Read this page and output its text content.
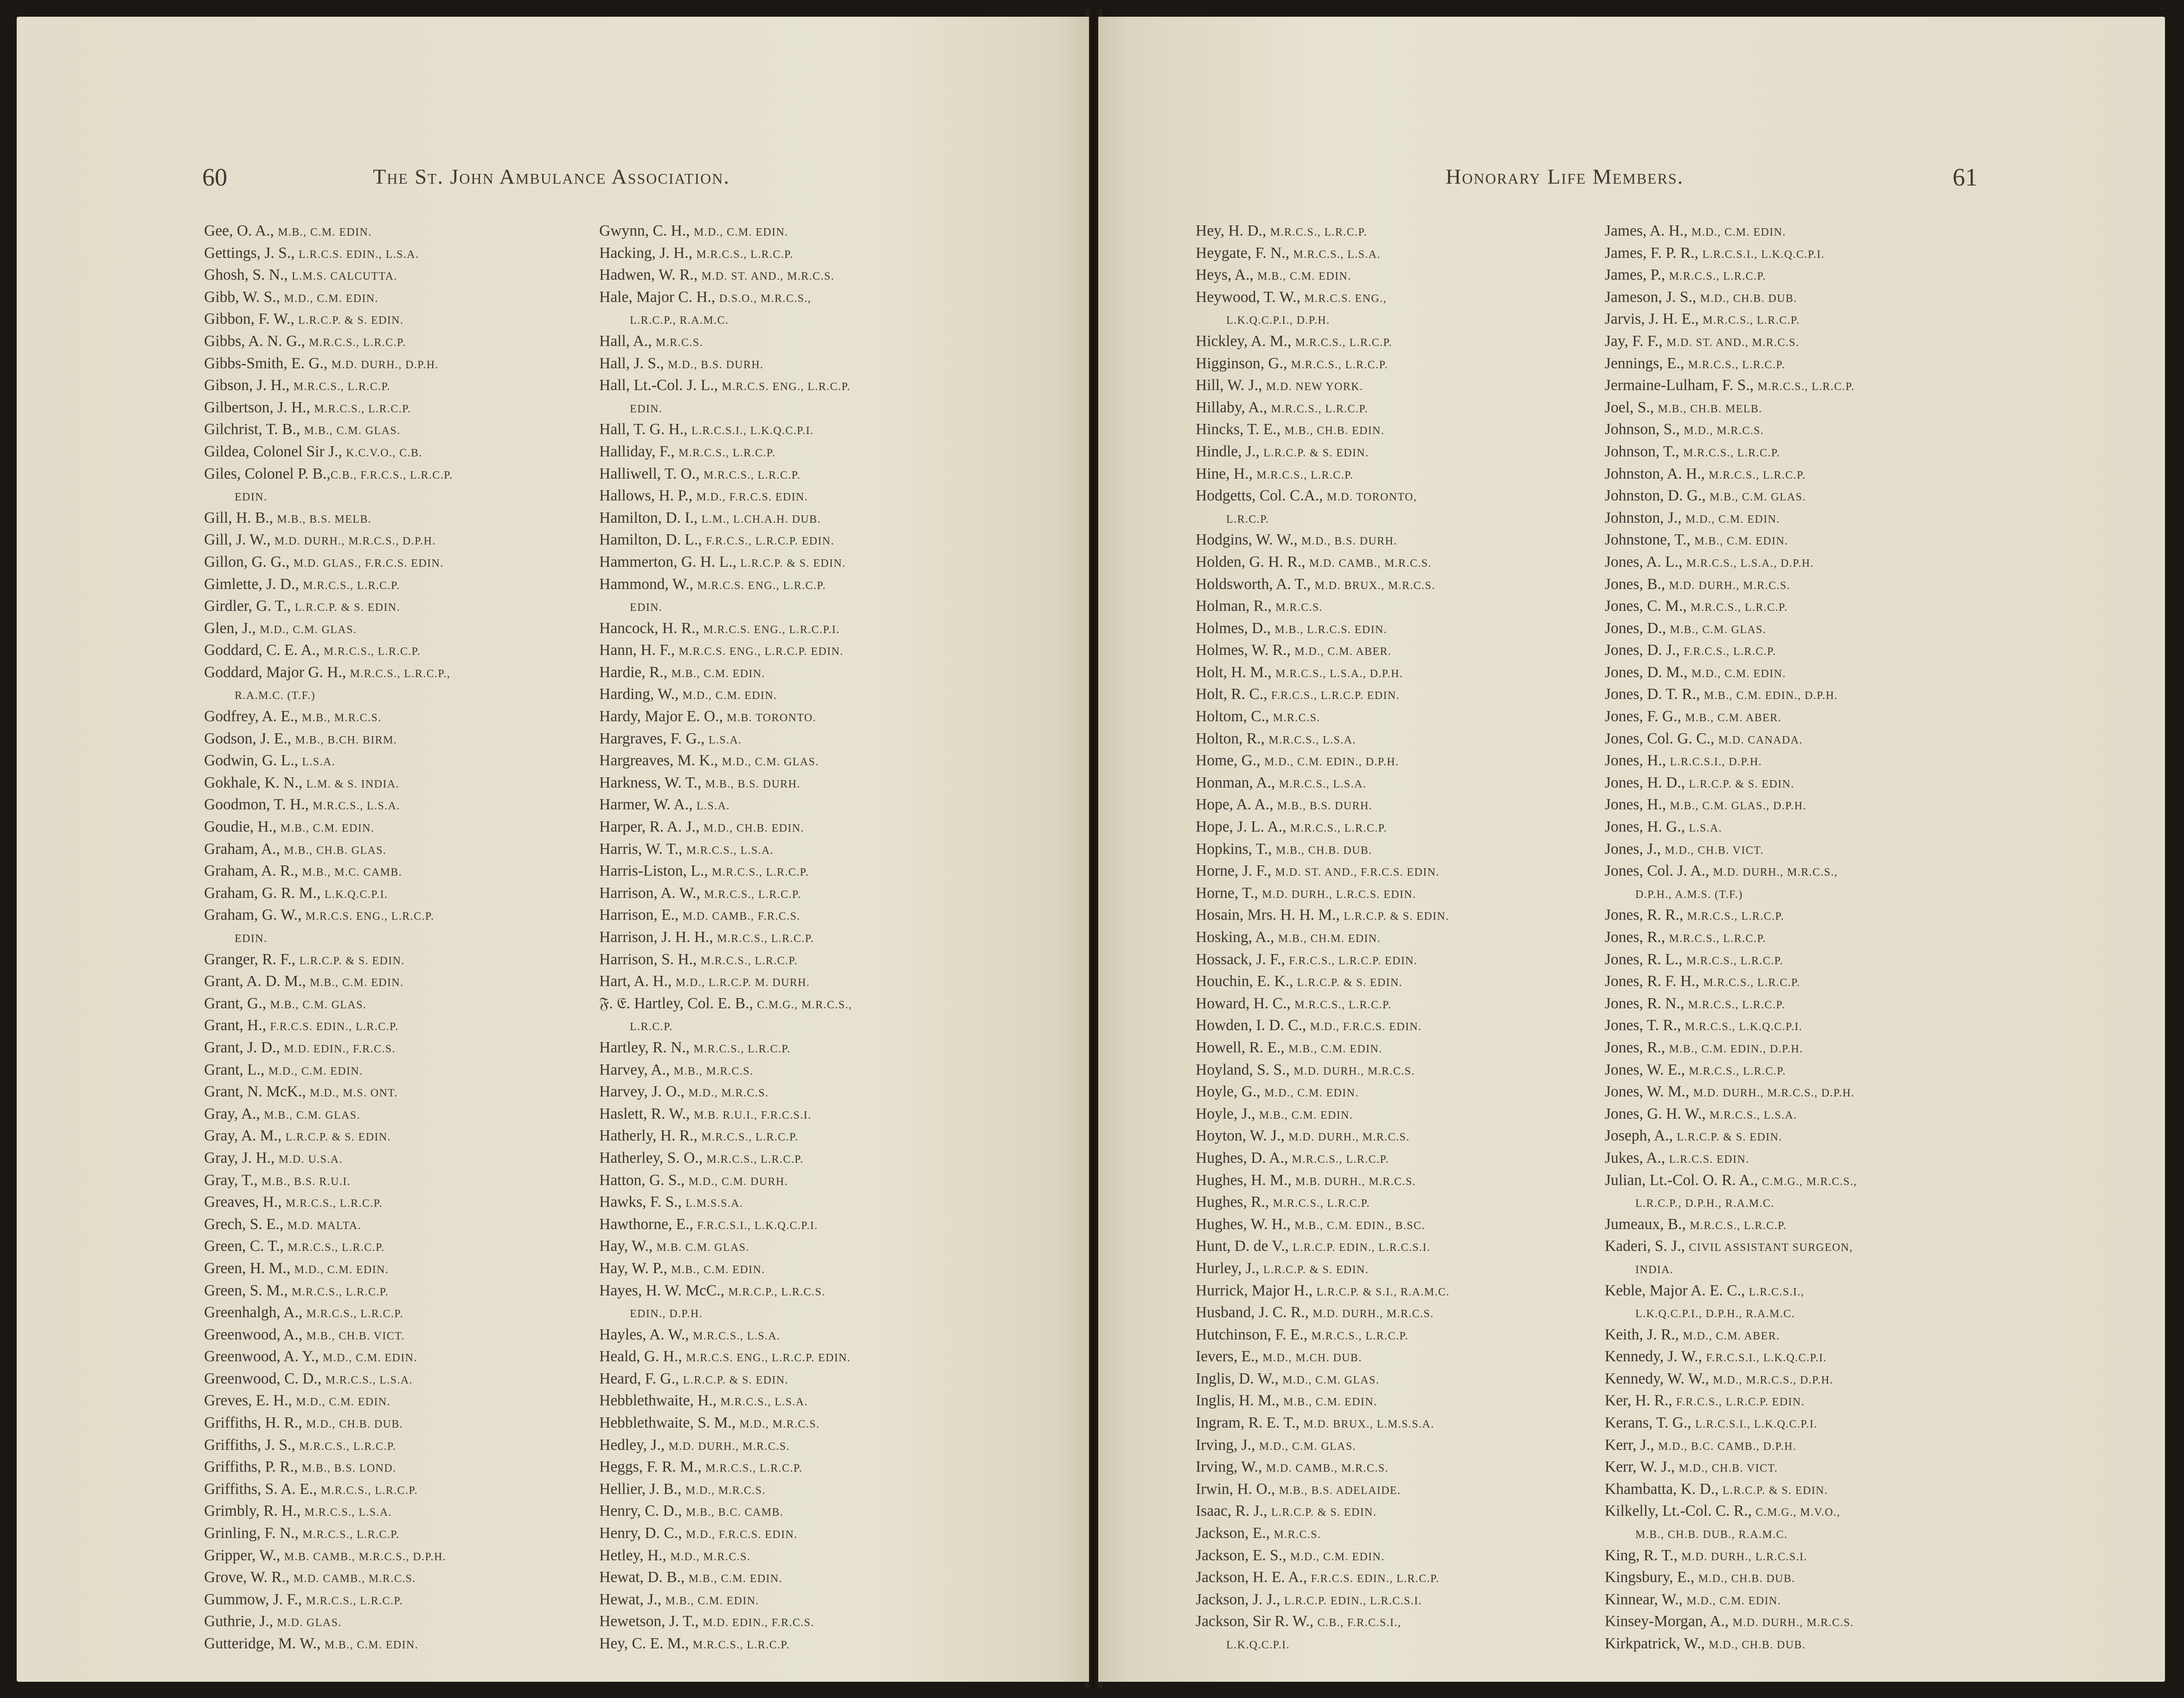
60	The St. John Ambulance Association.
Gee, O. A., M.B., C.M. EDIN.
Gettings, J. S., L.R.C.S. EDIN., L.S.A.
Ghosh, S. N., L.M.S. CALCUTTA.
Gibb, W. S., M.D., C.M. EDIN.
Gibbon, F. W., L.R.C.P. & S. EDIN.
Gibbs, A. N. G., M.R.C.S., L.R.C.P.
Gibbs-Smith, E. G., M.D. DURH., D.P.H.
Gibson, J. H., M.R.C.S., L.R.C.P.
Gilbertson, J. H., M.R.C.S., L.R.C.P.
Gilchrist, T. B., M.B., C.M. GLAS.
Gildea, Colonel Sir J., K.C.V.O., C.B.
Giles, Colonel P. B.,C.B., F.R.C.S., L.R.C.P.
EDIN.
Gill, H. B., M.B., B.S. MELB.
Gill, J. W., M.D. DURH., M.R.C.S., D.P.H.
Gillon, G. G., M.D. GLAS., F.R.C.S. EDIN.
Gimlette, J. D., M.R.C.S., L.R.C.P.
Girdler, G. T., L.R.C.P. & S. EDIN.
Glen, J., M.D., C.M. GLAS.
Goddard, C. E. A., M.R.C.S., L.R.C.P.
Goddard, Major G. H., M.R.C.S., L.R.C.P.,
R.A.M.C. (T.F.)
Godfrey, A. E., M.B., M.R.C.S.
Godson, J. E., M.B., B.CH. BIRM.
Godwin, G. L., L.S.A.
Gokhale, K. N., L.M. & S. INDIA.
Goodmon, T. H., M.R.C.S., L.S.A.
Goudie, H., M.B., C.M. EDIN.
Graham, A., M.B., CH.B. GLAS.
Graham, A. R., M.B., M.C. CAMB.
Graham, G. R. M., L.K.Q.C.P.I.
Graham, G. W., M.R.C.S. ENG., L.R.C.P.
EDIN.
Granger, R. F., L.R.C.P. & S. EDIN.
Grant, A. D. M., M.B., C.M. EDIN.
Grant, G., M.B., C.M. GLAS.
Grant, H., F.R.C.S. EDIN., L.R.C.P.
Grant, J. D., M.D. EDIN., F.R.C.S.
Grant, L., M.D., C.M. EDIN.
Grant, N. McK., M.D., M.S. ONT.
Gray, A., M.B., C.M. GLAS.
Gray, A. M., L.R.C.P. & S. EDIN.
Gray, J. H., M.D. U.S.A.
Gray, T., M.B., B.S. R.U.I.
Greaves, H., M.R.C.S., L.R.C.P.
Grech, S. E., M.D. MALTA.
Green, C. T., M.R.C.S., L.R.C.P.
Green, H. M., M.D., C.M. EDIN.
Green, S. M., M.R.C.S., L.R.C.P.
Greenhalgh, A., M.R.C.S., L.R.C.P.
Greenwood, A., M.B., CH.B. VICT.
Greenwood, A. Y., M.D., C.M. EDIN.
Greenwood, C. D., M.R.C.S., L.S.A.
Greves, E. H., M.D., C.M. EDIN.
Griffiths, H. R., M.D., CH.B. DUB.
Griffiths, J. S., M.R.C.S., L.R.C.P.
Griffiths, P. R., M.B., B.S. LOND.
Griffiths, S. A. E., M.R.C.S., L.R.C.P.
Grimbly, R. H., M.R.C.S., L.S.A.
Grinling, F. N., M.R.C.S., L.R.C.P.
Gripper, W., M.B. CAMB., M.R.C.S., D.P.H.
Grove, W. R., M.D. CAMB., M.R.C.S.
Gummow, J. F., M.R.C.S., L.R.C.P.
Guthrie, J., M.D. GLAS.
Gutteridge, M. W., M.B., C.M. EDIN.
Gwynn, C. H., M.D., C.M. EDIN.
Hacking, J. H., M.R.C.S., L.R.C.P.
Hadwen, W. R., M.D. ST. AND., M.R.C.S.
Hale, Major C. H., D.S.O., M.R.C.S.,
L.R.C.P., R.A.M.C.
Hall, A., M.R.C.S.
Hall, J. S., M.D., B.S. DURH.
Hall, Lt.-Col. J. L., M.R.C.S. ENG., L.R.C.P.
EDIN.
Hall, T. G. H., L.R.C.S.I., L.K.Q.C.P.I.
Halliday, F., M.R.C.S., L.R.C.P.
Halliwell, T. O., M.R.C.S., L.R.C.P.
Hallows, H. P., M.D., F.R.C.S. EDIN.
Hamilton, D. I., L.M., L.CH.A.H. DUB.
Hamilton, D. L., F.R.C.S., L.R.C.P. EDIN.
Hammerton, G. H. L., L.R.C.P. & S. EDIN.
Hammond, W., M.R.C.S. ENG., L.R.C.P.
EDIN.
Hancock, H. R., M.R.C.S. ENG., L.R.C.P.I.
Hann, H. F., M.R.C.S. ENG., L.R.C.P. EDIN.
Hardie, R., M.B., C.M. EDIN.
Harding, W., M.D., C.M. EDIN.
Hardy, Major E. O., M.B. TORONTO.
Hargraves, F. G., L.S.A.
Hargreaves, M. K., M.D., C.M. GLAS.
Harkness, W. T., M.B., B.S. DURH.
Harmer, W. A., L.S.A.
Harper, R. A. J., M.D., CH.B. EDIN.
Harris, W. T., M.R.C.S., L.S.A.
Harris-Liston, L., M.R.C.S., L.R.C.P.
Harrison, A. W., M.R.C.S., L.R.C.P.
Harrison, E., M.D. CAMB., F.R.C.S.
Harrison, J. H. H., M.R.C.S., L.R.C.P.
Harrison, S. H., M.R.C.S., L.R.C.P.
Hart, A. H., M.D., L.R.C.P. M. DURH.
𝔉. 𝔈. Hartley, Col. E. B., C.M.G., M.R.C.S.,
L.R.C.P.
Hartley, R. N., M.R.C.S., L.R.C.P.
Harvey, A., M.B., M.R.C.S.
Harvey, J. O., M.D., M.R.C.S.
Haslett, R. W., M.B. R.U.I., F.R.C.S.I.
Hatherly, H. R., M.R.C.S., L.R.C.P.
Hatherley, S. O., M.R.C.S., L.R.C.P.
Hatton, G. S., M.D., C.M. DURH.
Hawks, F. S., L.M.S.S.A.
Hawthorne, E., F.R.C.S.I., L.K.Q.C.P.I.
Hay, W., M.B. C.M. GLAS.
Hay, W. P., M.B., C.M. EDIN.
Hayes, H. W. McC., M.R.C.P., L.R.C.S.
EDIN., D.P.H.
Hayles, A. W., M.R.C.S., L.S.A.
Heald, G. H., M.R.C.S. ENG., L.R.C.P. EDIN.
Heard, F. G., L.R.C.P. & S. EDIN.
Hebblethwaite, H., M.R.C.S., L.S.A.
Hebblethwaite, S. M., M.D., M.R.C.S.
Hedley, J., M.D. DURH., M.R.C.S.
Heggs, F. R. M., M.R.C.S., L.R.C.P.
Hellier, J. B., M.D., M.R.C.S.
Henry, C. D., M.B., B.C. CAMB.
Henry, D. C., M.D., F.R.C.S. EDIN.
Hetley, H., M.D., M.R.C.S.
Hewat, D. B., M.B., C.M. EDIN.
Hewat, J., M.B., C.M. EDIN.
Hewetson, J. T., M.D. EDIN., F.R.C.S.
Hey, C. E. M., M.R.C.S., L.R.C.P.
Honorary Life Members.	61
Hey, H. D., M.R.C.S., L.R.C.P.
Heygate, F. N., M.R.C.S., L.S.A.
Heys, A., M.B., C.M. EDIN.
Heywood, T. W., M.R.C.S. ENG.,
L.K.Q.C.P.I., D.P.H.
Hickley, A. M., M.R.C.S., L.R.C.P.
Higginson, G., M.R.C.S., L.R.C.P.
Hill, W. J., M.D. NEW YORK.
Hillaby, A., M.R.C.S., L.R.C.P.
Hincks, T. E., M.B., CH.B. EDIN.
Hindle, J., L.R.C.P. & S. EDIN.
Hine, H., M.R.C.S., L.R.C.P.
Hodgetts, Col. C.A., M.D. TORONTO,
L.R.C.P.
Hodgins, W. W., M.D., B.S. DURH.
Holden, G. H. R., M.D. CAMB., M.R.C.S.
Holdsworth, A. T., M.D. BRUX., M.R.C.S.
Holman, R., M.R.C.S.
Holmes, D., M.B., L.R.C.S. EDIN.
Holmes, W. R., M.D., C.M. ABER.
Holt, H. M., M.R.C.S., L.S.A., D.P.H.
Holt, R. C., F.R.C.S., L.R.C.P. EDIN.
Holtom, C., M.R.C.S.
Holton, R., M.R.C.S., L.S.A.
Home, G., M.D., C.M. EDIN., D.P.H.
Honman, A., M.R.C.S., L.S.A.
Hope, A. A., M.B., B.S. DURH.
Hope, J. L. A., M.R.C.S., L.R.C.P.
Hopkins, T., M.B., CH.B. DUB.
Horne, J. F., M.D. ST. AND., F.R.C.S. EDIN.
Horne, T., M.D. DURH., L.R.C.S. EDIN.
Hosain, Mrs. H. H. M., L.R.C.P. & S. EDIN.
Hosking, A., M.B., CH.M. EDIN.
Hossack, J. F., F.R.C.S., L.R.C.P. EDIN.
Houchin, E. K., L.R.C.P. & S. EDIN.
Howard, H. C., M.R.C.S., L.R.C.P.
Howden, I. D. C., M.D., F.R.C.S. EDIN.
Howell, R. E., M.B., C.M. EDIN.
Hoyland, S. S., M.D. DURH., M.R.C.S.
Hoyle, G., M.D., C.M. EDIN.
Hoyle, J., M.B., C.M. EDIN.
Hoyton, W. J., M.D. DURH., M.R.C.S.
Hughes, D. A., M.R.C.S., L.R.C.P.
Hughes, H. M., M.B. DURH., M.R.C.S.
Hughes, R., M.R.C.S., L.R.C.P.
Hughes, W. H., M.B., C.M. EDIN., B.SC.
Hunt, D. de V., L.R.C.P. EDIN., L.R.C.S.I.
Hurley, J., L.R.C.P. & S. EDIN.
Hurrick, Major H., L.R.C.P. & S.I., R.A.M.C.
Husband, J. C. R., M.D. DURH., M.R.C.S.
Hutchinson, F. E., M.R.C.S., L.R.C.P.
Ievers, E., M.D., M.CH. DUB.
Inglis, D. W., M.D., C.M. GLAS.
Inglis, H. M., M.B., C.M. EDIN.
Ingram, R. E. T., M.D. BRUX., L.M.S.S.A.
Irving, J., M.D., C.M. GLAS.
Irving, W., M.D. CAMB., M.R.C.S.
Irwin, H. O., M.B., B.S. ADELAIDE.
Isaac, R. J., L.R.C.P. & S. EDIN.
Jackson, E., M.R.C.S.
Jackson, E. S., M.D., C.M. EDIN.
Jackson, H. E. A., F.R.C.S. EDIN., L.R.C.P.
Jackson, J. J., L.R.C.P. EDIN., L.R.C.S.I.
Jackson, Sir R. W., C.B., F.R.C.S.I.,
L.K.Q.C.P.I.
James, A. H., M.D., C.M. EDIN.
James, F. P. R., L.R.C.S.I., L.K.Q.C.P.I.
James, P., M.R.C.S., L.R.C.P.
Jameson, J. S., M.D., CH.B. DUB.
Jarvis, J. H. E., M.R.C.S., L.R.C.P.
Jay, F. F., M.D. ST. AND., M.R.C.S.
Jennings, E., M.R.C.S., L.R.C.P.
Jermaine-Lulham, F. S., M.R.C.S., L.R.C.P.
Joel, S., M.B., CH.B. MELB.
Johnson, S., M.D., M.R.C.S.
Johnson, T., M.R.C.S., L.R.C.P.
Johnston, A. H., M.R.C.S., L.R.C.P.
Johnston, D. G., M.B., C.M. GLAS.
Johnston, J., M.D., C.M. EDIN.
Johnstone, T., M.B., C.M. EDIN.
Jones, A. L., M.R.C.S., L.S.A., D.P.H.
Jones, B., M.D. DURH., M.R.C.S.
Jones, C. M., M.R.C.S., L.R.C.P.
Jones, D., M.B., C.M. GLAS.
Jones, D. J., F.R.C.S., L.R.C.P.
Jones, D. M., M.D., C.M. EDIN.
Jones, D. T. R., M.B., C.M. EDIN., D.P.H.
Jones, F. G., M.B., C.M. ABER.
Jones, Col. G. C., M.D. CANADA.
Jones, H., L.R.C.S.I., D.P.H.
Jones, H. D., L.R.C.P. & S. EDIN.
Jones, H., M.B., C.M. GLAS., D.P.H.
Jones, H. G., L.S.A.
Jones, J., M.D., CH.B. VICT.
Jones, Col. J. A., M.D. DURH., M.R.C.S.,
D.P.H., A.M.S. (T.F.)
Jones, R. R., M.R.C.S., L.R.C.P.
Jones, R., M.R.C.S., L.R.C.P.
Jones, R. L., M.R.C.S., L.R.C.P.
Jones, R. F. H., M.R.C.S., L.R.C.P.
Jones, R. N., M.R.C.S., L.R.C.P.
Jones, T. R., M.R.C.S., L.K.Q.C.P.I.
Jones, R., M.B., C.M. EDIN., D.P.H.
Jones, W. E., M.R.C.S., L.R.C.P.
Jones, W. M., M.D. DURH., M.R.C.S., D.P.H.
Jones, G. H. W., M.R.C.S., L.S.A.
Joseph, A., L.R.C.P. & S. EDIN.
Jukes, A., L.R.C.S. EDIN.
Julian, Lt.-Col. O. R. A., C.M.G., M.R.C.S.,
L.R.C.P., D.P.H., R.A.M.C.
Jumeaux, B., M.R.C.S., L.R.C.P.
Kaderi, S. J., CIVIL ASSISTANT SURGEON,
INDIA.
Keble, Major A. E. C., L.R.C.S.I.,
L.K.Q.C.P.I., D.P.H., R.A.M.C.
Keith, J. R., M.D., C.M. ABER.
Kennedy, J. W., F.R.C.S.I., L.K.Q.C.P.I.
Kennedy, W. W., M.D., M.R.C.S., D.P.H.
Ker, H. R., F.R.C.S., L.R.C.P. EDIN.
Kerans, T. G., L.R.C.S.I., L.K.Q.C.P.I.
Kerr, J., M.D., B.C. CAMB., D.P.H.
Kerr, W. J., M.D., CH.B. VICT.
Khambatta, K. D., L.R.C.P. & S. EDIN.
Kilkelly, Lt.-Col. C. R., C.M.G., M.V.O.,
M.B., CH.B. DUB., R.A.M.C.
King, R. T., M.D. DURH., L.R.C.S.I.
Kingsbury, E., M.D., CH.B. DUB.
Kinnear, W., M.D., C.M. EDIN.
Kinsey-Morgan, A., M.D. DURH., M.R.C.S.
Kirkpatrick, W., M.D., CH.B. DUB.
